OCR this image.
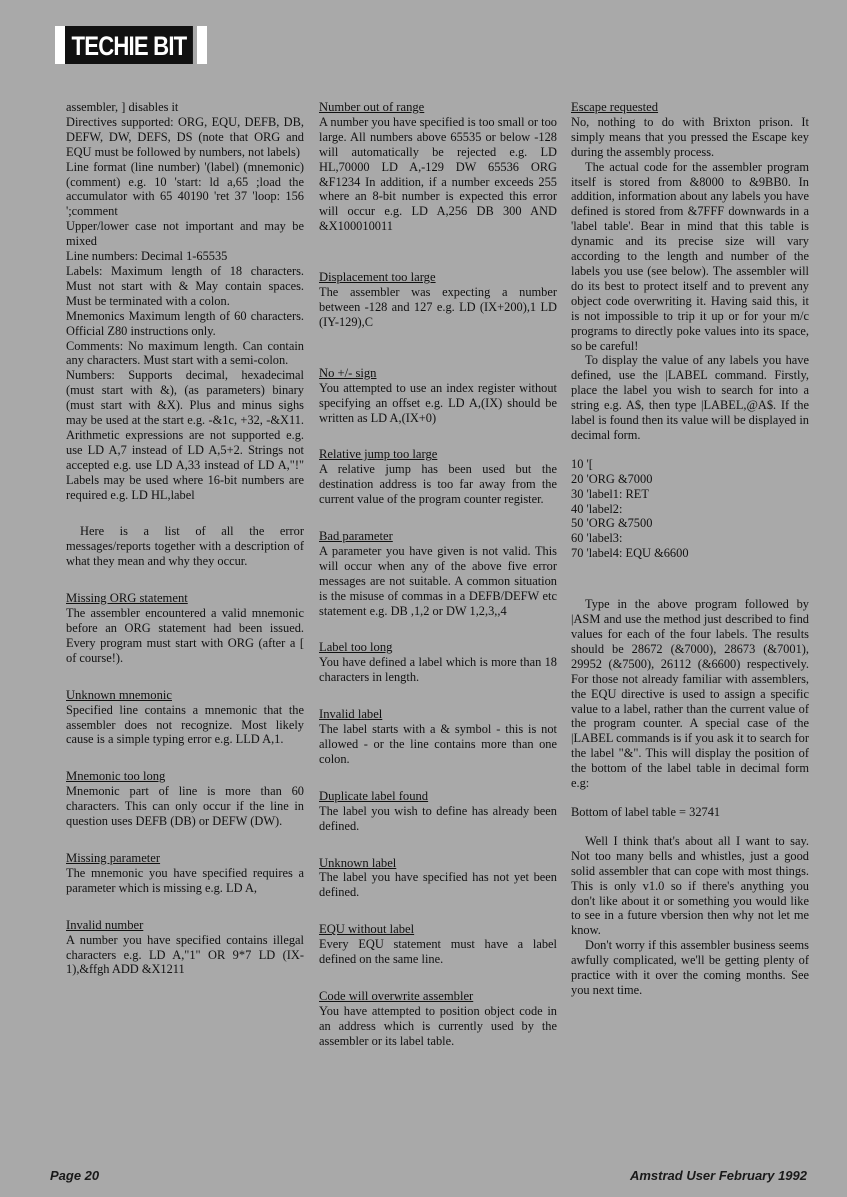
TECHIE BIT

assembler, ] disables it

Directives supported: ORG, EQU, DEFB, DB, DEFW, DW, DEFS, DS (note that ORG and EQU must be followed by numbers, not labels)

Line format (line number) '(label) (mnemonic) (comment) e.g. 10 'start: ld a,65 ;load the accumulator with 65 40190 'ret 37 'loop: 156 ';comment

Upper/lower case not important and may be mixed

Line numbers: Decimal 1-65535

Labels: Maximum length of 18 characters. Must not start with & May contain spaces. Must be terminated with a colon.

Mnemonics Maximum length of 60 characters. Official Z80 instructions only.

Comments: No maximum length. Can contain any characters. Must start with a semi-colon.

Numbers: Supports decimal, hexadecimal (must start with &), (as parameters) binary (must start with &X). Plus and minus sighs may be used at the start e.g. -&1c, +32, -&X11. Arithmetic expressions are not supported e.g. use LD A,7 instead of LD A,5+2. Strings not accepted e.g. use LD A,33 instead of LD A,"!" Labels may be used where 16-bit numbers are required e.g. LD HL,label

Here is a list of all the error messages/reports together with a description of what they mean and why they occur.

Missing ORG statement

The assembler encountered a valid mnemonic before an ORG statement had been issued. Every program must start with ORG (after a [ of course!).

Unknown mnemonic

Specified line contains a mnemonic that the assembler does not recognize. Most likely cause is a simple typing error e.g. LLD A,1.

Mnemonic too long

Mnemonic part of line is more than 60 characters. This can only occur if the line in question uses DEFB (DB) or DEFW (DW).

Missing parameter

The mnemonic you have specified requires a parameter which is missing e.g. LD A,

Invalid number

A number you have specified contains illegal characters e.g. LD A,"1" OR 9*7 LD (IX-1),&ffgh ADD &X1211

Number out of range

A number you have specified is too small or too large. All numbers above 65535 or below -128 will automatically be rejected e.g. LD HL,70000 LD A,-129 DW 65536 ORG &F1234 In addition, if a number exceeds 255 where an 8-bit number is expected this error will occur e.g. LD A,256 DB 300 AND &X100010011

Displacement too large

The assembler was expecting a number between -128 and 127 e.g. LD (IX+200),1 LD (IY-129),C

No +/- sign

You attempted to use an index register without specifying an offset e.g. LD A,(IX) should be written as LD A,(IX+0)

Relative jump too large

A relative jump has been used but the destination address is too far away from the current value of the program counter register.

Bad parameter

A parameter you have given is not valid. This will occur when any of the above five error messages are not suitable. A common situation is the misuse of commas in a DEFB/DEFW etc statement e.g. DB ,1,2 or DW 1,2,3,,4

Label too long

You have defined a label which is more than 18 characters in length.

Invalid label

The label starts with a & symbol - this is not allowed - or the line contains more than one colon.

Duplicate label found

The label you wish to define has already been defined.

Unknown label

The label you have specified has not yet been defined.

EQU without label

Every EQU statement must have a label defined on the same line.

Code will overwrite assembler

You have attempted to position object code in an address which is currently used by the assembler or its label table.

Escape requested

No, nothing to do with Brixton prison. It simply means that you pressed the Escape key during the assembly process.

The actual code for the assembler program itself is stored from &8000 to &9BB0. In addition, information about any labels you have defined is stored from &7FFF downwards in a 'label table'. Bear in mind that this table is dynamic and its precise size will vary according to the length and number of the labels you use (see below). The assembler will do its best to protect itself and to prevent any object code overwriting it. Having said this, it is not impossible to trip it up or for your m/c programs to directly poke values into its space, so be careful!

To display the value of any labels you have defined, use the |LABEL command. Firstly, place the label you wish to search for into a string e.g. A$, then type |LABEL,@A$. If the label is found then its value will be displayed in decimal form.

10 '[

20 'ORG &7000

30 'label1: RET

40 'label2:

50 'ORG &7500

60 'label3:

70 'label4: EQU &6600

Type in the above program followed by |ASM and use the method just described to find values for each of the four labels. The results should be 28672 (&7000), 28673 (&7001), 29952 (&7500), 26112 (&6600) respectively. For those not already familiar with assemblers, the EQU directive is used to assign a specific value to a label, rather than the current value of the program counter. A special case of the |LABEL commands is if you ask it to search for the label "&". This will display the position of the bottom of the label table in decimal form e.g:

Bottom of label table = 32741

Well I think that's about all I want to say. Not too many bells and whistles, just a good solid assembler that can cope with most things. This is only v1.0 so if there's anything you don't like about it or something you would like to see in a future vbersion then why not let me know.

Don't worry if this assembler business seems awfully complicated, we'll be getting plenty of practice with it over the coming months. See you next time.

Page 20	Amstrad User February 1992
